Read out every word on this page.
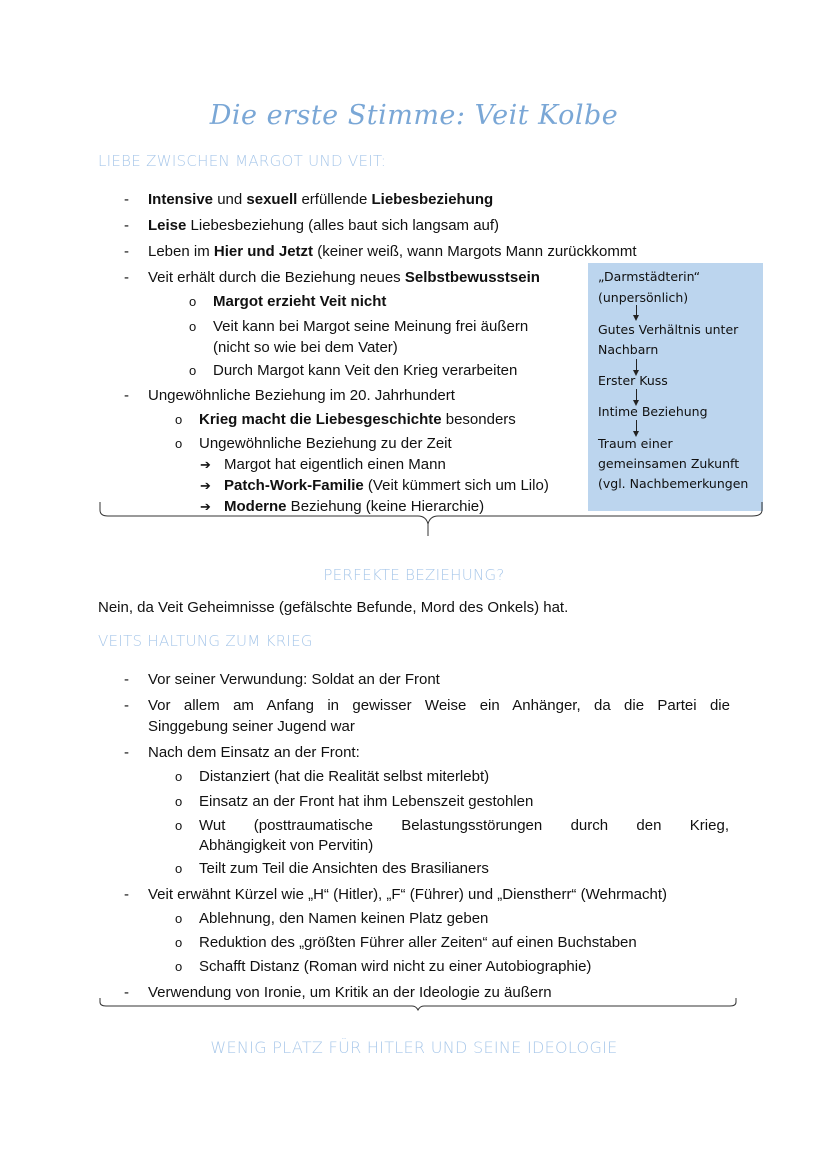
Die erste Stimme: Veit Kolbe
LIEBE ZWISCHEN MARGOT UND VEIT:
- Intensive und sexuell erfüllende Liebesbeziehung
- Leise Liebesbeziehung (alles baut sich langsam auf)
- Leben im Hier und Jetzt (keiner weiß, wann Margots Mann zurückkommt
- Veit erhält durch die Beziehung neues Selbstbewusstsein
o Margot erzieht Veit nicht
o Veit kann bei Margot seine Meinung frei äußern
(nicht so wie bei dem Vater)
o Durch Margot kann Veit den Krieg verarbeiten
- Ungewöhnliche Beziehung im 20. Jahrhundert
o Krieg macht die Liebesgeschichte besonders
o Ungewöhnliche Beziehung zu der Zeit
➔ Margot hat eigentlich einen Mann
➔ Patch-Work-Familie (Veit kümmert sich um Lilo)
➔ Moderne Beziehung (keine Hierarchie)
„Darmstädterin“
(unpersönlich)
Gutes Verhältnis unter
Nachbarn
Erster Kuss
Intime Beziehung
Traum einer
gemeinsamen Zukunft
(vgl. Nachbemerkungen
PERFEKTE BEZIEHUNG?
Nein, da Veit Geheimnisse (gefälschte Befunde, Mord des Onkels) hat.
VEITS HALTUNG ZUM KRIEG
- Vor seiner Verwundung: Soldat an der Front
- Vor allem am Anfang in gewisser Weise ein Anhänger, da die Partei die
Singgebung seiner Jugend war
- Nach dem Einsatz an der Front:
o Distanziert (hat die Realität selbst miterlebt)
o Einsatz an der Front hat ihm Lebenszeit gestohlen
o Wut (posttraumatische Belastungsstörungen durch den Krieg,
Abhängigkeit von Pervitin)
o Teilt zum Teil die Ansichten des Brasilianers
- Veit erwähnt Kürzel wie „H“ (Hitler), „F“ (Führer) und „Dienstherr“ (Wehrmacht)
o Ablehnung, den Namen keinen Platz geben
o Reduktion des „größten Führer aller Zeiten“ auf einen Buchstaben
o Schafft Distanz (Roman wird nicht zu einer Autobiographie)
- Verwendung von Ironie, um Kritik an der Ideologie zu äußern
WENIG PLATZ FÜR HITLER UND SEINE IDEOLOGIE
